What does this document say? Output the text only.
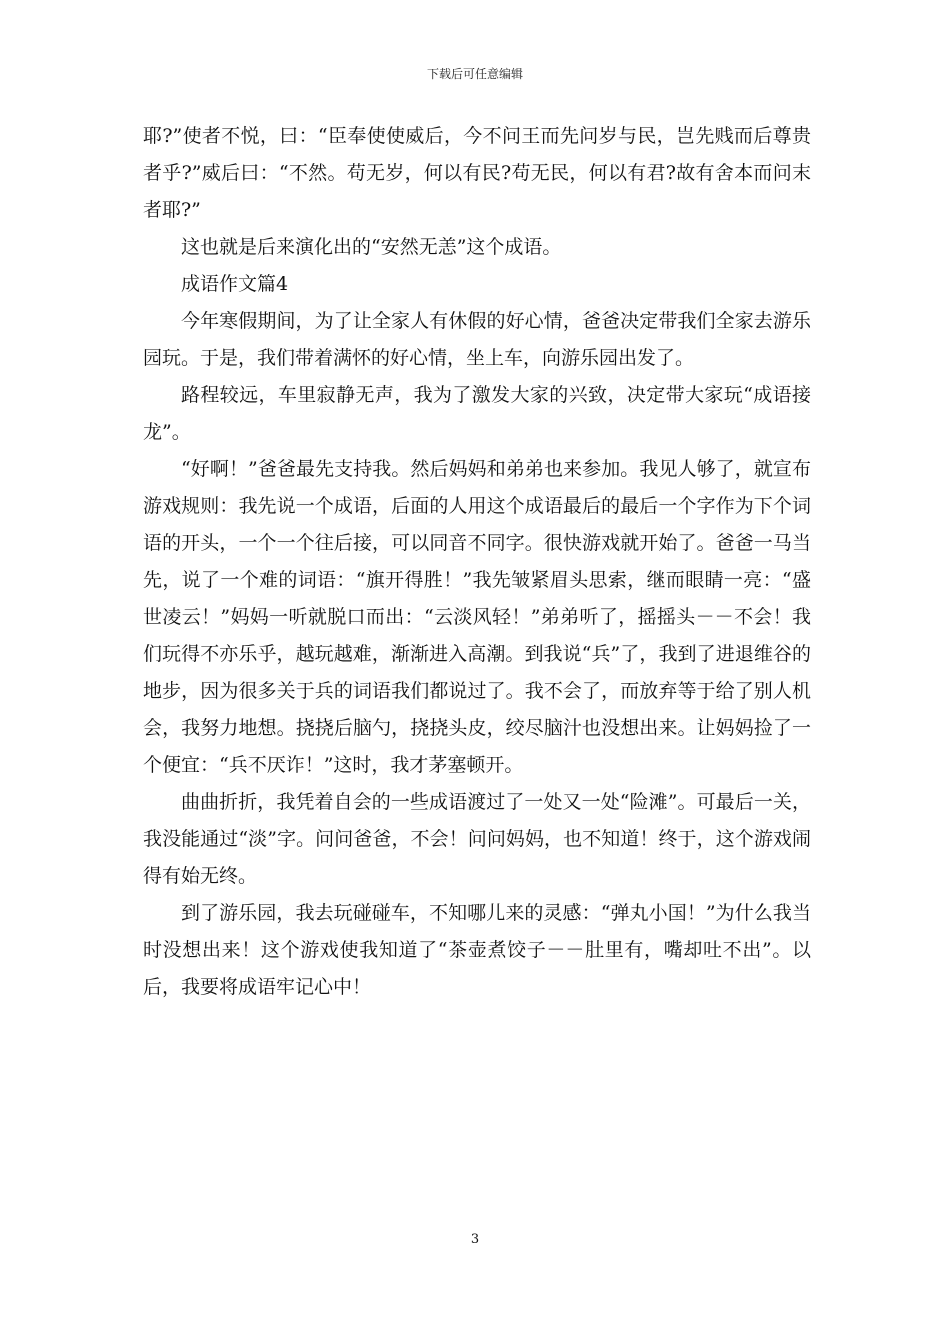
下载后可任意编辑

耶?”使者不悦，曰：“臣奉使使威后，今不问王而先问岁与民，岂先贱而后尊贵者乎?”威后曰：“不然。苟无岁，何以有民?苟无民，何以有君?故有舍本而问末者耶?”

这也就是后来演化出的“安然无恙”这个成语。

成语作文篇4

今年寒假期间，为了让全家人有休假的好心情，爸爸决定带我们全家去游乐园玩。于是，我们带着满怀的好心情，坐上车，向游乐园出发了。

路程较远，车里寂静无声，我为了激发大家的兴致，决定带大家玩“成语接龙”。

“好啊！”爸爸最先支持我。然后妈妈和弟弟也来参加。我见人够了，就宣布游戏规则：我先说一个成语，后面的人用这个成语最后的最后一个字作为下个词语的开头，一个一个往后接，可以同音不同字。很快游戏就开始了。爸爸一马当先，说了一个难的词语：“旗开得胜！”我先皱紧眉头思索，继而眼睛一亮：“盛世凌云！”妈妈一听就脱口而出：“云淡风轻！”弟弟听了，摇摇头－－不会！我们玩得不亦乐乎，越玩越难，渐渐进入高潮。到我说“兵”了，我到了进退维谷的地步，因为很多关于兵的词语我们都说过了。我不会了，而放弃等于给了别人机会，我努力地想。挠挠后脑勺，挠挠头皮，绞尽脑汁也没想出来。让妈妈捡了一个便宜：“兵不厌诈！”这时，我才茅塞顿开。

曲曲折折，我凭着自会的一些成语渡过了一处又一处“险滩”。可最后一关，我没能通过“淡”字。问问爸爸，不会！问问妈妈，也不知道！终于，这个游戏闹得有始无终。

到了游乐园，我去玩碰碰车，不知哪儿来的灵感：“弹丸小国！”为什么我当时没想出来！这个游戏使我知道了“茶壶煮饺子－－肚里有，嘴却吐不出”。以后，我要将成语牢记心中！

3
